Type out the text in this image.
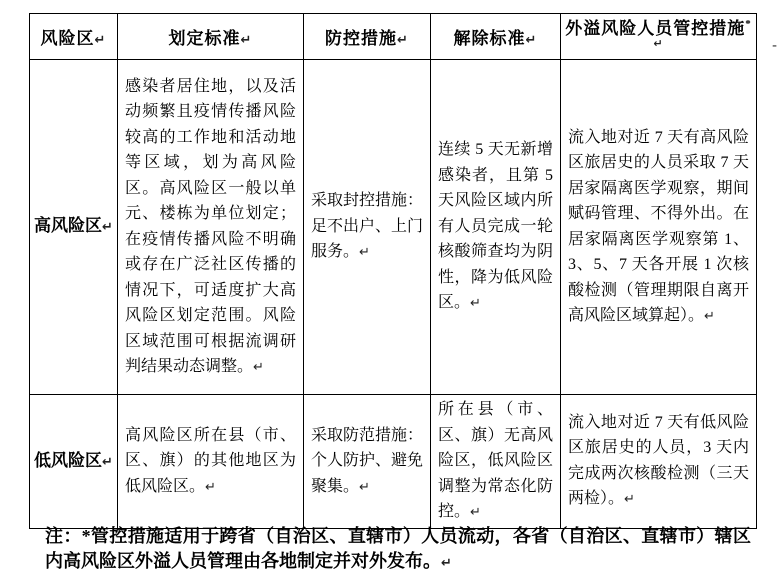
风险区↵	划定标准↵	防控措施↵	解除标准↵	外溢风险人员管控措施*↵
高风险区↵	感染者居住地，以及活动频繁且疫情传播风险较高的工作地和活动地等区域，划为高风险区。高风险区一般以单元、楼栋为单位划定；在疫情传播风险不明确或存在广泛社区传播的情况下，可适度扩大高风险区划定范围。风险区域范围可根据流调研判结果动态调整。↵	采取封控措施：足不出户、上门服务。↵	连续 5 天无新增感染者，且第 5 天风险区域内所有人员完成一轮核酸筛查均为阴性，降为低风险区。↵	流入地对近 7 天有高风险区旅居史的人员采取 7 天居家隔离医学观察，期间赋码管理、不得外出。在居家隔离医学观察第 1、3、5、7 天各开展 1 次核酸检测（管理期限自离开高风险区域算起）。↵
低风险区↵	高风险区所在县（市、区、旗）的其他地区为低风险区。↵	采取防范措施：个人防护、避免聚集。↵	所在县（市、区、旗）无高风险区，低风险区调整为常态化防控。↵	流入地对近 7 天有低风险区旅居史的人员，3 天内完成两次核酸检测（三天两检）。↵
注：*管控措施适用于跨省（自治区、直辖市）人员流动，各省（自治区、直辖市）辖区内高风险区外溢人员管理由各地制定并对外发布。↵
-
